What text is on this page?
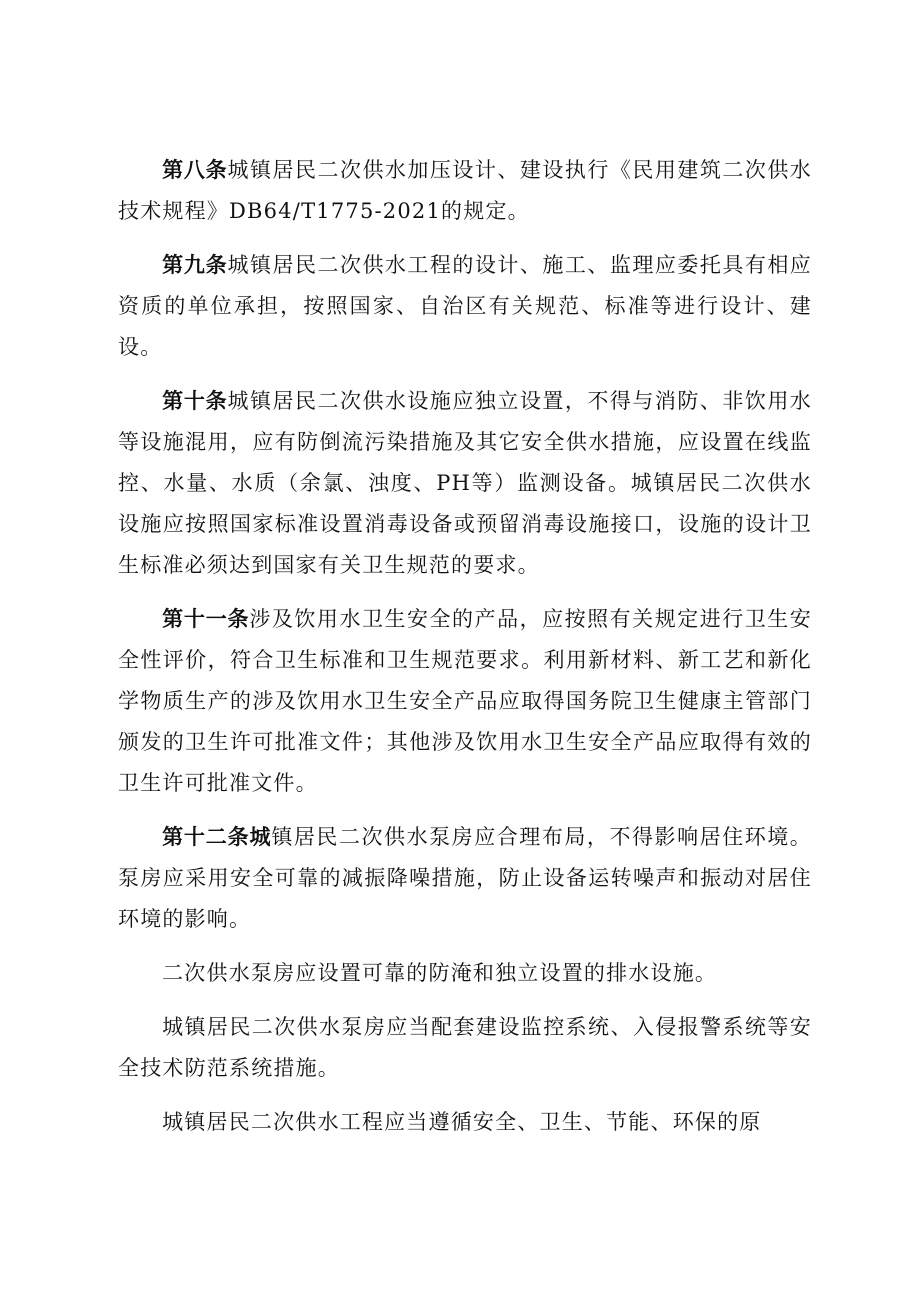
第八条城镇居民二次供水加压设计、建设执行《民用建筑二次供水技术规程》DB64/T1775-2021的规定。

第九条城镇居民二次供水工程的设计、施工、监理应委托具有相应资质的单位承担，按照国家、自治区有关规范、标准等进行设计、建设。

第十条城镇居民二次供水设施应独立设置，不得与消防、非饮用水等设施混用，应有防倒流污染措施及其它安全供水措施，应设置在线监控、水量、水质（余氯、浊度、PH等）监测设备。城镇居民二次供水设施应按照国家标准设置消毒设备或预留消毒设施接口，设施的设计卫生标准必须达到国家有关卫生规范的要求。

第十一条涉及饮用水卫生安全的产品，应按照有关规定进行卫生安全性评价，符合卫生标准和卫生规范要求。利用新材料、新工艺和新化学物质生产的涉及饮用水卫生安全产品应取得国务院卫生健康主管部门颁发的卫生许可批准文件；其他涉及饮用水卫生安全产品应取得有效的卫生许可批准文件。

第十二条城镇居民二次供水泵房应合理布局，不得影响居住环境。泵房应采用安全可靠的减振降噪措施，防止设备运转噪声和振动对居住环境的影响。

二次供水泵房应设置可靠的防淹和独立设置的排水设施。

城镇居民二次供水泵房应当配套建设监控系统、入侵报警系统等安全技术防范系统措施。

城镇居民二次供水工程应当遵循安全、卫生、节能、环保的原
